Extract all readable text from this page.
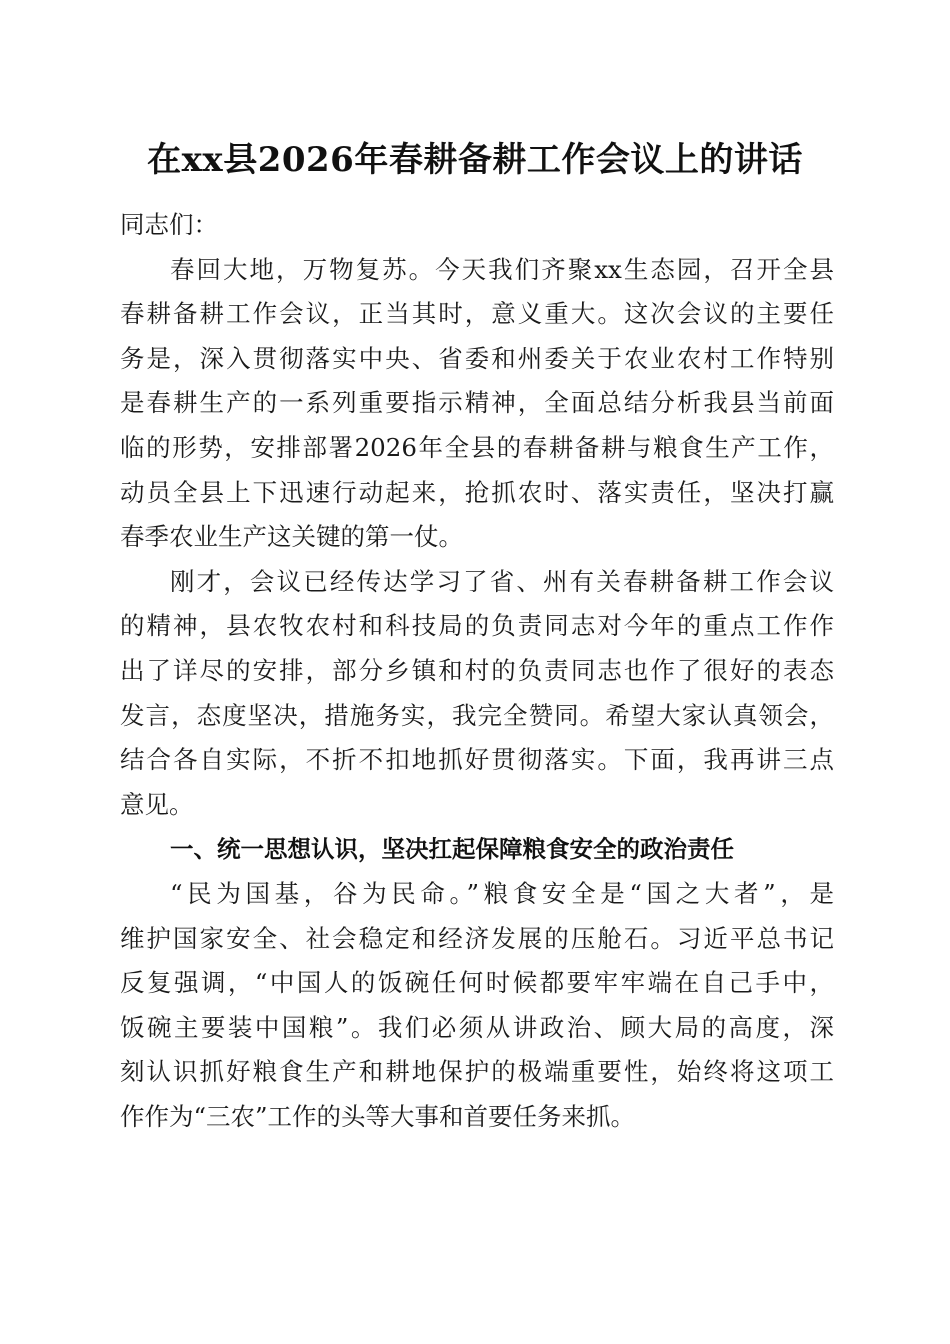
在xx县2026年春耕备耕工作会议上的讲话
同志们：
春回大地，万物复苏。今天我们齐聚xx生态园，召开全县
春耕备耕工作会议，正当其时，意义重大。这次会议的主要任
务是，深入贯彻落实中央、省委和州委关于农业农村工作特别
是春耕生产的一系列重要指示精神，全面总结分析我县当前面
临的形势，安排部署2026年全县的春耕备耕与粮食生产工作，
动员全县上下迅速行动起来，抢抓农时、落实责任，坚决打赢
春季农业生产这关键的第一仗。
刚才，会议已经传达学习了省、州有关春耕备耕工作会议
的精神，县农牧农村和科技局的负责同志对今年的重点工作作
出了详尽的安排，部分乡镇和村的负责同志也作了很好的表态
发言，态度坚决，措施务实，我完全赞同。希望大家认真领会，
结合各自实际，不折不扣地抓好贯彻落实。下面，我再讲三点
意见。
一、统一思想认识，坚决扛起保障粮食安全的政治责任
“民为国基，谷为民命。”粮食安全是“国之大者”，是
维护国家安全、社会稳定和经济发展的压舱石。习近平总书记
反复强调，“中国人的饭碗任何时候都要牢牢端在自己手中，
饭碗主要装中国粮”。我们必须从讲政治、顾大局的高度，深
刻认识抓好粮食生产和耕地保护的极端重要性，始终将这项工
作作为“三农”工作的头等大事和首要任务来抓。
